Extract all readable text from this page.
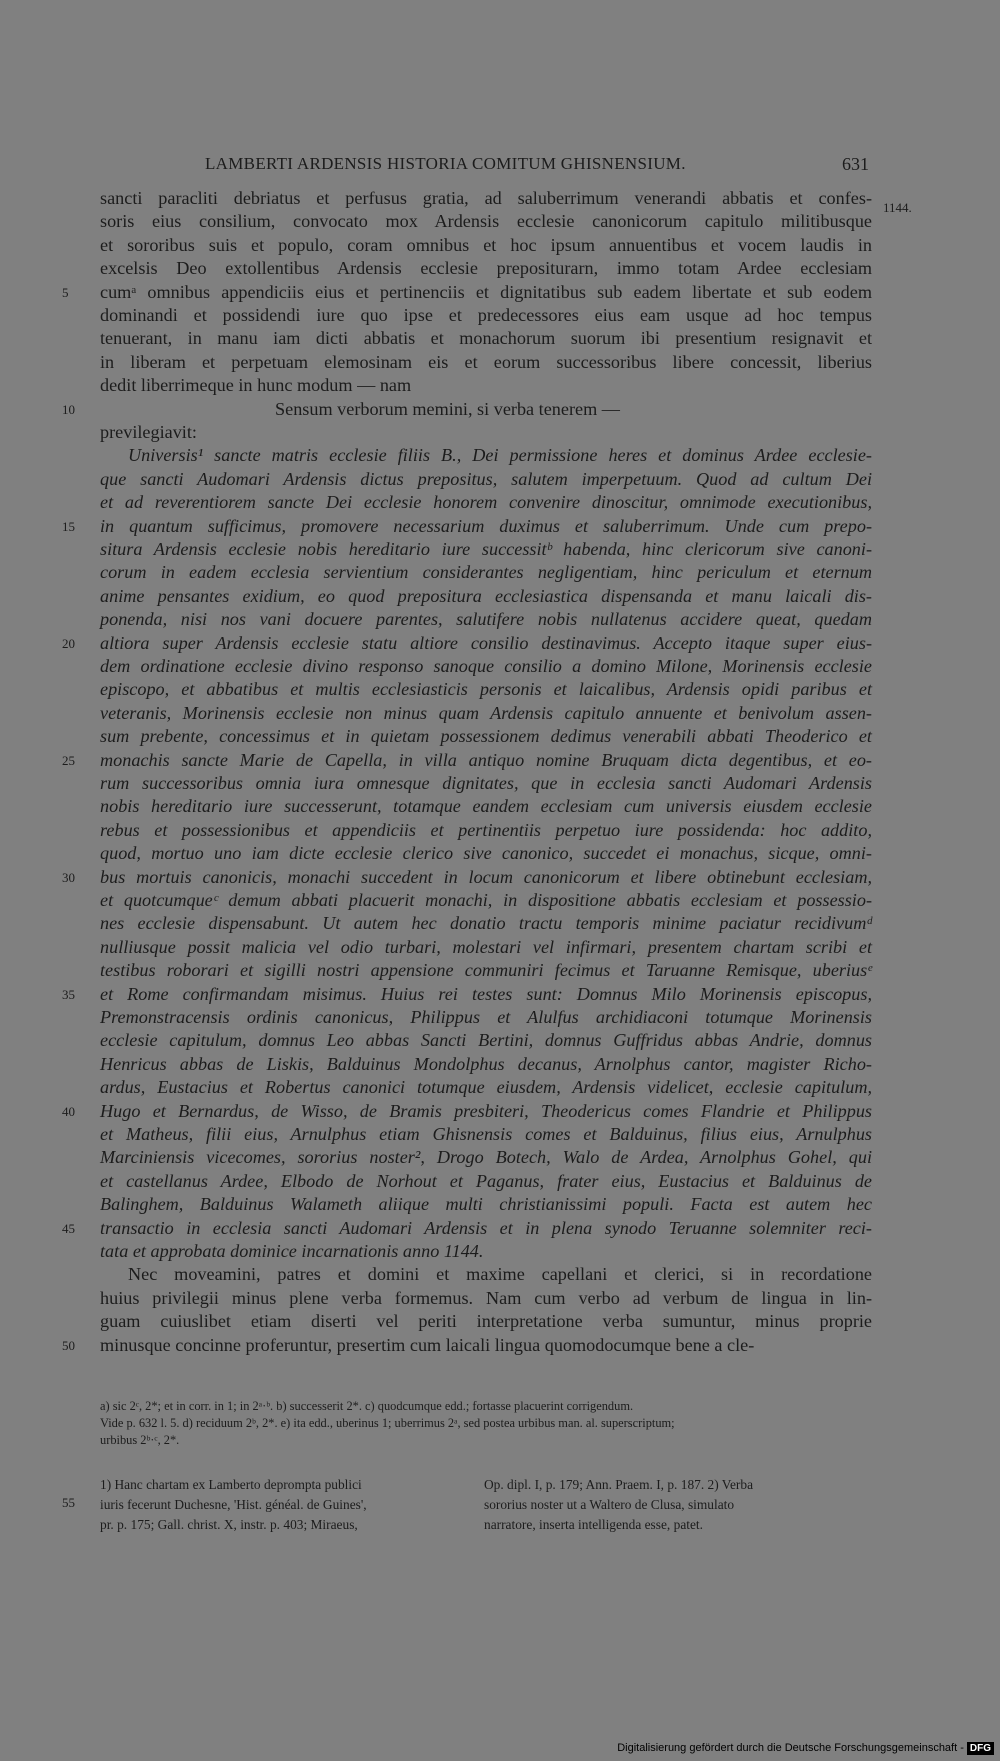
LAMBERTI ARDENSIS HISTORIA COMITUM GHISNENSIUM.	631
1144.
sancti paracliti debriatus et perfusus gratia, ad saluberrimum venerandi abbatis et confes-
soris eius consilium, convocato mox Ardensis ecclesie canonicorum capitulo militibusque
et sororibus suis et populo, coram omnibus et hoc ipsum annuentibus et vocem laudis in
excelsis Deo extollentibus Ardensis ecclesie prepositurarn, immo totam Ardee ecclesiam
cumᵃ omnibus appendiciis eius et pertinenciis et dignitatibus sub eadem libertate et sub eodem
dominandi et possidendi iure quo ipse et predecessores eius eam usque ad hoc tempus
tenuerant, in manu iam dicti abbatis et monachorum suorum ibi presentium resignavit et
in liberam et perpetuam elemosinam eis et eorum successoribus libere concessit, liberius
dedit liberrimeque in hunc modum — nam
Sensum verborum memini, si verba tenerem —
previlegiavit:
Universis¹ sancte matris ecclesie filiis B., Dei permissione heres et dominus Ardee ecclesie-
que sancti Audomari Ardensis dictus prepositus, salutem imperpetuum. Quod ad cultum Dei
et ad reverentiorem sancte Dei ecclesie honorem convenire dinoscitur, omnimode executionibus,
in quantum sufficimus, promovere necessarium duximus et saluberrimum. Unde cum prepo-
situra Ardensis ecclesie nobis hereditario iure successitᵇ habenda, hinc clericorum sive canoni-
corum in eadem ecclesia servientium considerantes negligentiam, hinc periculum et eternum
anime pensantes exidium, eo quod prepositura ecclesiastica dispensanda et manu laicali dis-
ponenda, nisi nos vani docuere parentes, salutifere nobis nullatenus accidere queat, quedam
altiora super Ardensis ecclesie statu altiore consilio destinavimus. Accepto itaque super eius-
dem ordinatione ecclesie divino responso sanoque consilio a domino Milone, Morinensis ecclesie
episcopo, et abbatibus et multis ecclesiasticis personis et laicalibus, Ardensis opidi paribus et
veteranis, Morinensis ecclesie non minus quam Ardensis capitulo annuente et benivolum assen-
sum prebente, concessimus et in quietam possessionem dedimus venerabili abbati Theoderico et
monachis sancte Marie de Capella, in villa antiquo nomine Bruquam dicta degentibus, et eo-
rum successoribus omnia iura omnesque dignitates, que in ecclesia sancti Audomari Ardensis
nobis hereditario iure successerunt, totamque eandem ecclesiam cum universis eiusdem ecclesie
rebus et possessionibus et appendiciis et pertinentiis perpetuo iure possidenda: hoc addito,
quod, mortuo uno iam dicte ecclesie clerico sive canonico, succedet ei monachus, sicque, omni-
bus mortuis canonicis, monachi succedent in locum canonicorum et libere obtinebunt ecclesiam,
et quotcumqueᶜ demum abbati placuerit monachi, in dispositione abbatis ecclesiam et possessio-
nes ecclesie dispensabunt. Ut autem hec donatio tractu temporis minime paciatur recidivumᵈ
nulliusque possit malicia vel odio turbari, molestari vel infirmari, presentem chartam scribi et
testibus roborari et sigilli nostri appensione communiri fecimus et Taruanne Remisque, uberiusᵉ
et Rome confirmandam misimus. Huius rei testes sunt: Domnus Milo Morinensis episcopus,
Premonstracensis ordinis canonicus, Philippus et Alulfus archidiaconi totumque Morinensis
ecclesie capitulum, domnus Leo abbas Sancti Bertini, domnus Guffridus abbas Andrie, domnus
Henricus abbas de Liskis, Balduinus Mondolphus decanus, Arnolphus cantor, magister Richo-
ardus, Eustacius et Robertus canonici totumque eiusdem, Ardensis videlicet, ecclesie capitulum,
Hugo et Bernardus, de Wisso, de Bramis presbiteri, Theodericus comes Flandrie et Philippus
et Matheus, filii eius, Arnulphus etiam Ghisnensis comes et Balduinus, filius eius, Arnulphus
Marciniensis vicecomes, sororius noster², Drogo Botech, Walo de Ardea, Arnolphus Gohel, qui
et castellanus Ardee, Elbodo de Norhout et Paganus, frater eius, Eustacius et Balduinus de
Balinghem, Balduinus Walameth aliique multi christianissimi populi. Facta est autem hec
transactio in ecclesia sancti Audomari Ardensis et in plena synodo Teruanne solemniter reci-
tata et approbata dominice incarnationis anno 1144.
Nec moveamini, patres et domini et maxime capellani et clerici, si in recordatione
huius privilegii minus plene verba formemus. Nam cum verbo ad verbum de lingua in lin-
guam cuiuslibet etiam diserti vel periti interpretatione verba sumuntur, minus proprie
minusque concinne proferuntur, presertim cum laicali lingua quomodocumque bene a cle-
5
10
15
20
25
30
35
40
45
50
55
a) sic 2ᶜ, 2*; et in corr. in 1; in 2ᵃ·ᵇ. b) successerit 2*. c) quodcumque edd.; fortasse placuerint corrigendum.
Vide p. 632 l. 5. d) reciduum 2ᵇ, 2*. e) ita edd., uberinus 1; uberrimus 2ᵃ, sed postea urbibus man. al. superscriptum;
urbibus 2ᵇ·ᶜ, 2*.
1) Hanc chartam ex Lamberto deprompta publici
iuris fecerunt Duchesne, 'Hist. généal. de Guines',
pr. p. 175; Gall. christ. X, instr. p. 403; Miraeus,
Op. dipl. I, p. 179; Ann. Praem. I, p. 187. 2) Verba
sororius noster ut a Waltero de Clusa, simulato
narratore, inserta intelligenda esse, patet.
Digitalisierung gefördert durch die Deutsche Forschungsgemeinschaft - DFG
